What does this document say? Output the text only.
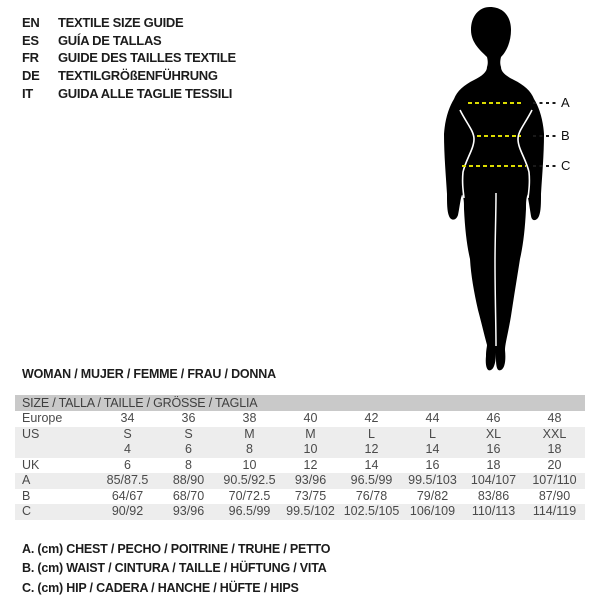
EN	TEXTILE SIZE GUIDE
ES	GUÍA DE TALLAS
FR	GUIDE DES TAILLES TEXTILE
DE	TEXTILGRÖßENFÜHRUNG
IT	GUIDA ALLE TAGLIE TESSILI
A
B
C
WOMAN / MUJER / FEMME / FRAU / DONNA
SIZE / TALLA / TAILLE / GRÖSSE / TAGLIA
Europe	34	36	38	40	42	44	46	48
US	S	S	M	M	L	L	XL	XXL
4	6	8	10	12	14	16	18
UK	6	8	10	12	14	16	18	20
A	85/87.5	88/90	90.5/92.5	93/96	96.5/99	99.5/103	104/107	107/110
B	64/67	68/70	70/72.5	73/75	76/78	79/82	83/86	87/90
C	90/92	93/96	96.5/99	99.5/102 102.5/105 106/109	110/113	114/119
A. (cm) CHEST / PECHO / POITRINE / TRUHE / PETTO
B. (cm) WAIST / CINTURA / TAILLE / HÜFTUNG / VITA
C. (cm) HIP / CADERA / HANCHE / HÜFTE / HIPS
